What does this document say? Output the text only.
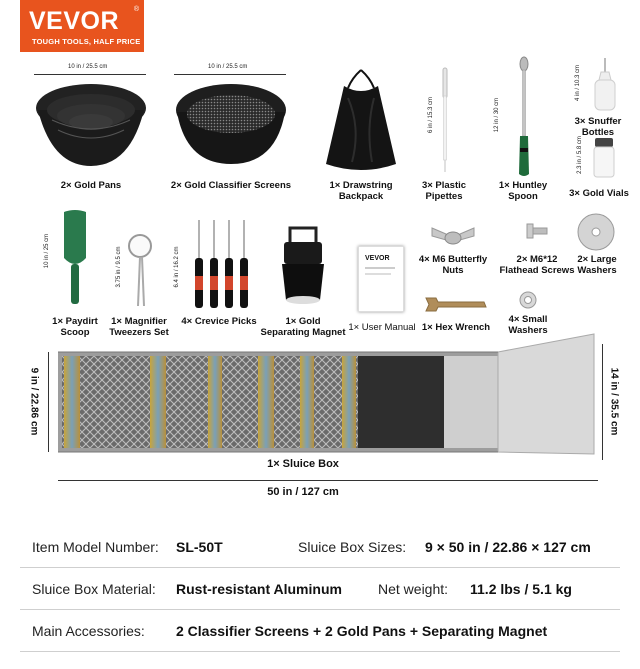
VEVOR ®
TOUGH TOOLS, HALF PRICE
10 in / 25.5 cm
2× Gold Pans
10 in / 25.5 cm
2× Gold Classifier Screens	1× Drawstring Backpack
6 in / 15.3 cm
3× Plastic Pipettes
12 in / 30 cm
1× Huntley Spoon
4 in / 10.3 cm
3× Snuffer Bottles
2.3 in / 5.8 cm
3× Gold Vials
10 in / 25 cm
1× Paydirt Scoop
3.75 in / 9.5 cm
1× Magnifier Tweezers Set
6.4 in / 16.2 cm
4× Crevice Picks	1× Gold Separating Magnet
VEVOR
1× User Manual
4× M6 Butterfly Nuts
2× M6*12 Flathead Screws
2× Large Washers
1× Hex Wrench
4× Small Washers
9 in / 22.86 cm	14 in / 35.5 cm
1× Sluice Box
50 in / 127 cm
Item Model Number: SL-50T	Sluice Box Sizes: 9 × 50 in / 22.86 × 127 cm
Sluice Box Material: Rust-resistant Aluminum	Net weight: 11.2 lbs / 5.1 kg
Main Accessories: 2 Classifier Screens + 2 Gold Pans + Separating Magnet
